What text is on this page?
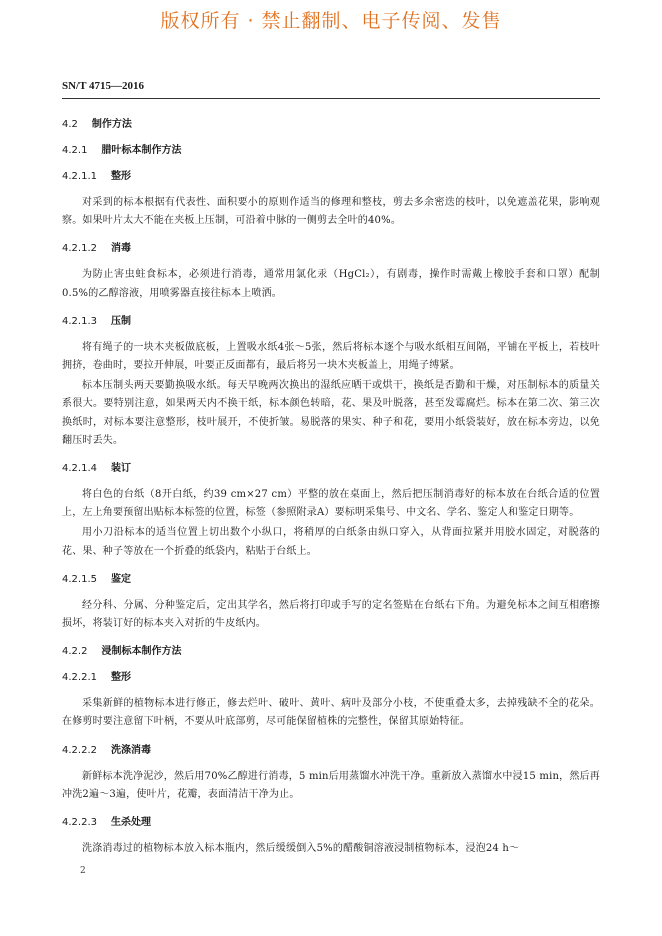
版权所有 · 禁止翻制、电子传阅、发售
SN/T 4715—2016
4.2 制作方法
4.2.1 腊叶标本制作方法
4.2.1.1 整形

对采到的标本根据有代表性、面积要小的原则作适当的修理和整枝，剪去多余密迭的枝叶，以免遮盖花果，影响观察。如果叶片太大不能在夹板上压制，可沿着中脉的一侧剪去全叶的40%。

4.2.1.2 消毒

为防止害虫蛀食标本，必须进行消毒，通常用氯化汞（HgCl₂），有剧毒，操作时需戴上橡胶手套和口罩）配制0.5%的乙醇溶液，用喷雾器直接往标本上喷洒。

4.2.1.3 压制

将有绳子的一块木夹板做底板，上置吸水纸4张～5张，然后将标本逐个与吸水纸相互间隔，平铺在平板上，若枝叶拥挤，卷曲时，要拉开伸展，叶要正反面都有，最后将另一块木夹板盖上，用绳子缚紧。

标本压制头两天要勤换吸水纸。每天早晚两次换出的湿纸应晒干或烘干，换纸是否勤和干燥，对压制标本的质量关系很大。要特别注意，如果两天内不换干纸，标本颜色转暗，花、果及叶脱落，甚至发霉腐烂。标本在第二次、第三次换纸时，对标本要注意整形，枝叶展开，不使折皱。易脱落的果实、种子和花，要用小纸袋装好，放在标本旁边，以免翻压时丢失。

4.2.1.4 装订

将白色的台纸（8开白纸，约39 cm×27 cm）平整的放在桌面上，然后把压制消毒好的标本放在台纸合适的位置上，左上角要预留出贴标本标签的位置，标签（参照附录A）要标明采集号、中文名、学名、鉴定人和鉴定日期等。

用小刀沿标本的适当位置上切出数个小纵口，将稍厚的白纸条由纵口穿入，从背面拉紧并用胶水固定，对脱落的花、果、种子等放在一个折叠的纸袋内，粘贴于台纸上。

4.2.1.5 鉴定

经分科、分属、分种鉴定后，定出其学名，然后将打印或手写的定名签贴在台纸右下角。为避免标本之间互相磨擦损坏，将装订好的标本夹入对折的牛皮纸内。

4.2.2 浸制标本制作方法
4.2.2.1 整形

采集新鲜的植物标本进行修正，修去烂叶、破叶、黄叶、病叶及部分小枝，不使重叠太多，去掉残缺不全的花朵。在修剪时要注意留下叶柄，不要从叶底部剪，尽可能保留植株的完整性，保留其原始特征。

4.2.2.2 洗涤消毒

新鲜标本洗净泥沙，然后用70%乙醇进行消毒，5 min后用蒸馏水冲洗干净。重新放入蒸馏水中浸15 min，然后再冲洗2遍～3遍，使叶片，花瓣，表面清洁干净为止。

4.2.2.3 生杀处理

洗涤消毒过的植物标本放入标本瓶内，然后缓缓倒入5%的醋酸铜溶液浸制植物标本，浸泡24 h～

2
